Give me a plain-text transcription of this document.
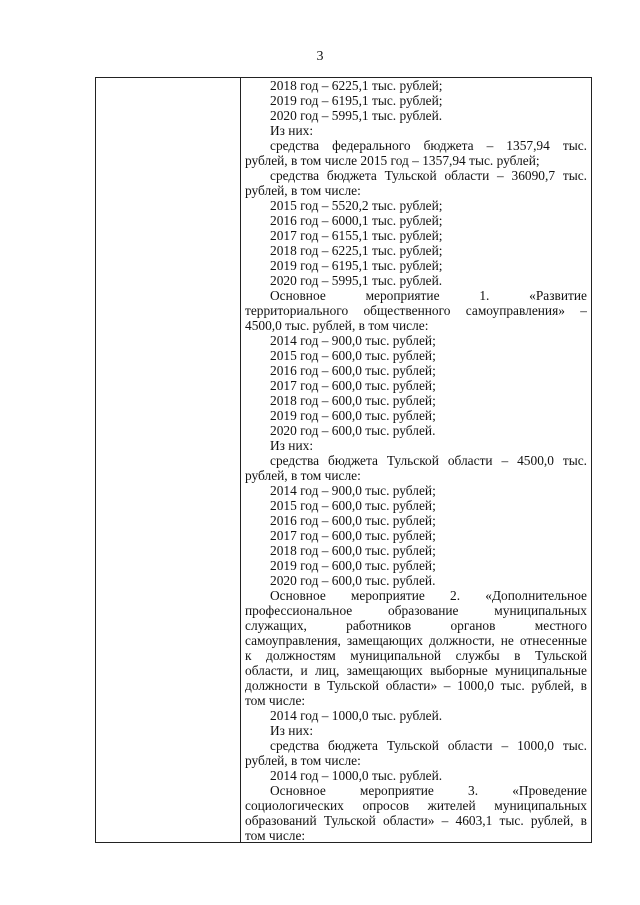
3
2018 год – 6225,1 тыс. рублей;
2019 год – 6195,1 тыс. рублей;
2020 год – 5995,1 тыс. рублей.
Из них:
средства федерального бюджета – 1357,94 тыс.
рублей, в том числе 2015 год – 1357,94 тыс. рублей;
средства бюджета Тульской области – 36090,7 тыс.
рублей, в том числе:
2015 год – 5520,2 тыс. рублей;
2016 год – 6000,1 тыс. рублей;
2017 год – 6155,1 тыс. рублей;
2018 год – 6225,1 тыс. рублей;
2019 год – 6195,1 тыс. рублей;
2020 год – 5995,1 тыс. рублей.
Основное мероприятие 1. «Развитие
территориального общественного самоуправления» –
4500,0 тыс. рублей, в том числе:
2014 год – 900,0 тыс. рублей;
2015 год – 600,0 тыс. рублей;
2016 год – 600,0 тыс. рублей;
2017 год – 600,0 тыс. рублей;
2018 год – 600,0 тыс. рублей;
2019 год – 600,0 тыс. рублей;
2020 год – 600,0 тыс. рублей.
Из них:
средства бюджета Тульской области – 4500,0 тыс.
рублей, в том числе:
2014 год – 900,0 тыс. рублей;
2015 год – 600,0 тыс. рублей;
2016 год – 600,0 тыс. рублей;
2017 год – 600,0 тыс. рублей;
2018 год – 600,0 тыс. рублей;
2019 год – 600,0 тыс. рублей;
2020 год – 600,0 тыс. рублей.
Основное мероприятие 2. «Дополнительное
профессиональное образование муниципальных
служащих, работников органов местного
самоуправления, замещающих должности, не отнесенные
к должностям муниципальной службы в Тульской
области, и лиц, замещающих выборные муниципальные
должности в Тульской области» – 1000,0 тыс. рублей, в
том числе:
2014 год – 1000,0 тыс. рублей.
Из них:
средства бюджета Тульской области – 1000,0 тыс.
рублей, в том числе:
2014 год – 1000,0 тыс. рублей.
Основное мероприятие 3. «Проведение
социологических опросов жителей муниципальных
образований Тульской области» – 4603,1 тыс. рублей, в
том числе:
